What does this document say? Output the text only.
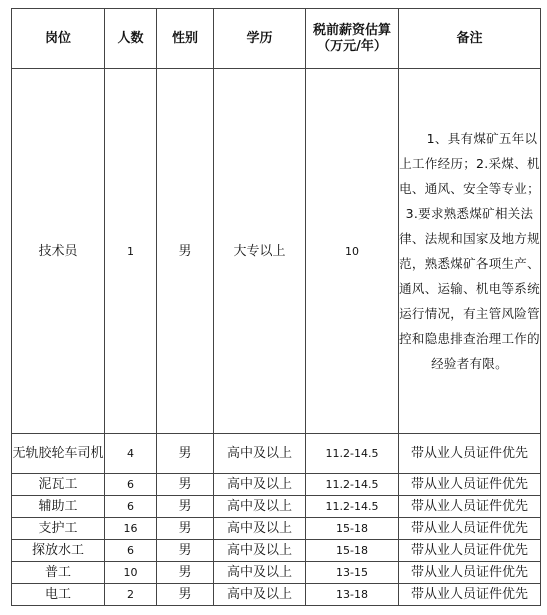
岗位	人数	性别	学历	税前薪资估算（万元/年）	备注
技术员	1	男	大专以上	10	1、具有煤矿五年以上工作经历；2.采煤、机电、通风、安全等专业；3.要求熟悉煤矿相关法律、法规和国家及地方规范，熟悉煤矿各项生产、通风、运输、机电等系统运行情况，有主管风险管控和隐患排查治理工作的经验者有限。
无轨胶轮车司机	4	男	高中及以上	11.2-14.5	带从业人员证件优先
泥瓦工	6	男	高中及以上	11.2-14.5	带从业人员证件优先
辅助工	6	男	高中及以上	11.2-14.5	带从业人员证件优先
支护工	16	男	高中及以上	15-18	带从业人员证件优先
探放水工	6	男	高中及以上	15-18	带从业人员证件优先
普工	10	男	高中及以上	13-15	带从业人员证件优先
电工	2	男	高中及以上	13-18	带从业人员证件优先
